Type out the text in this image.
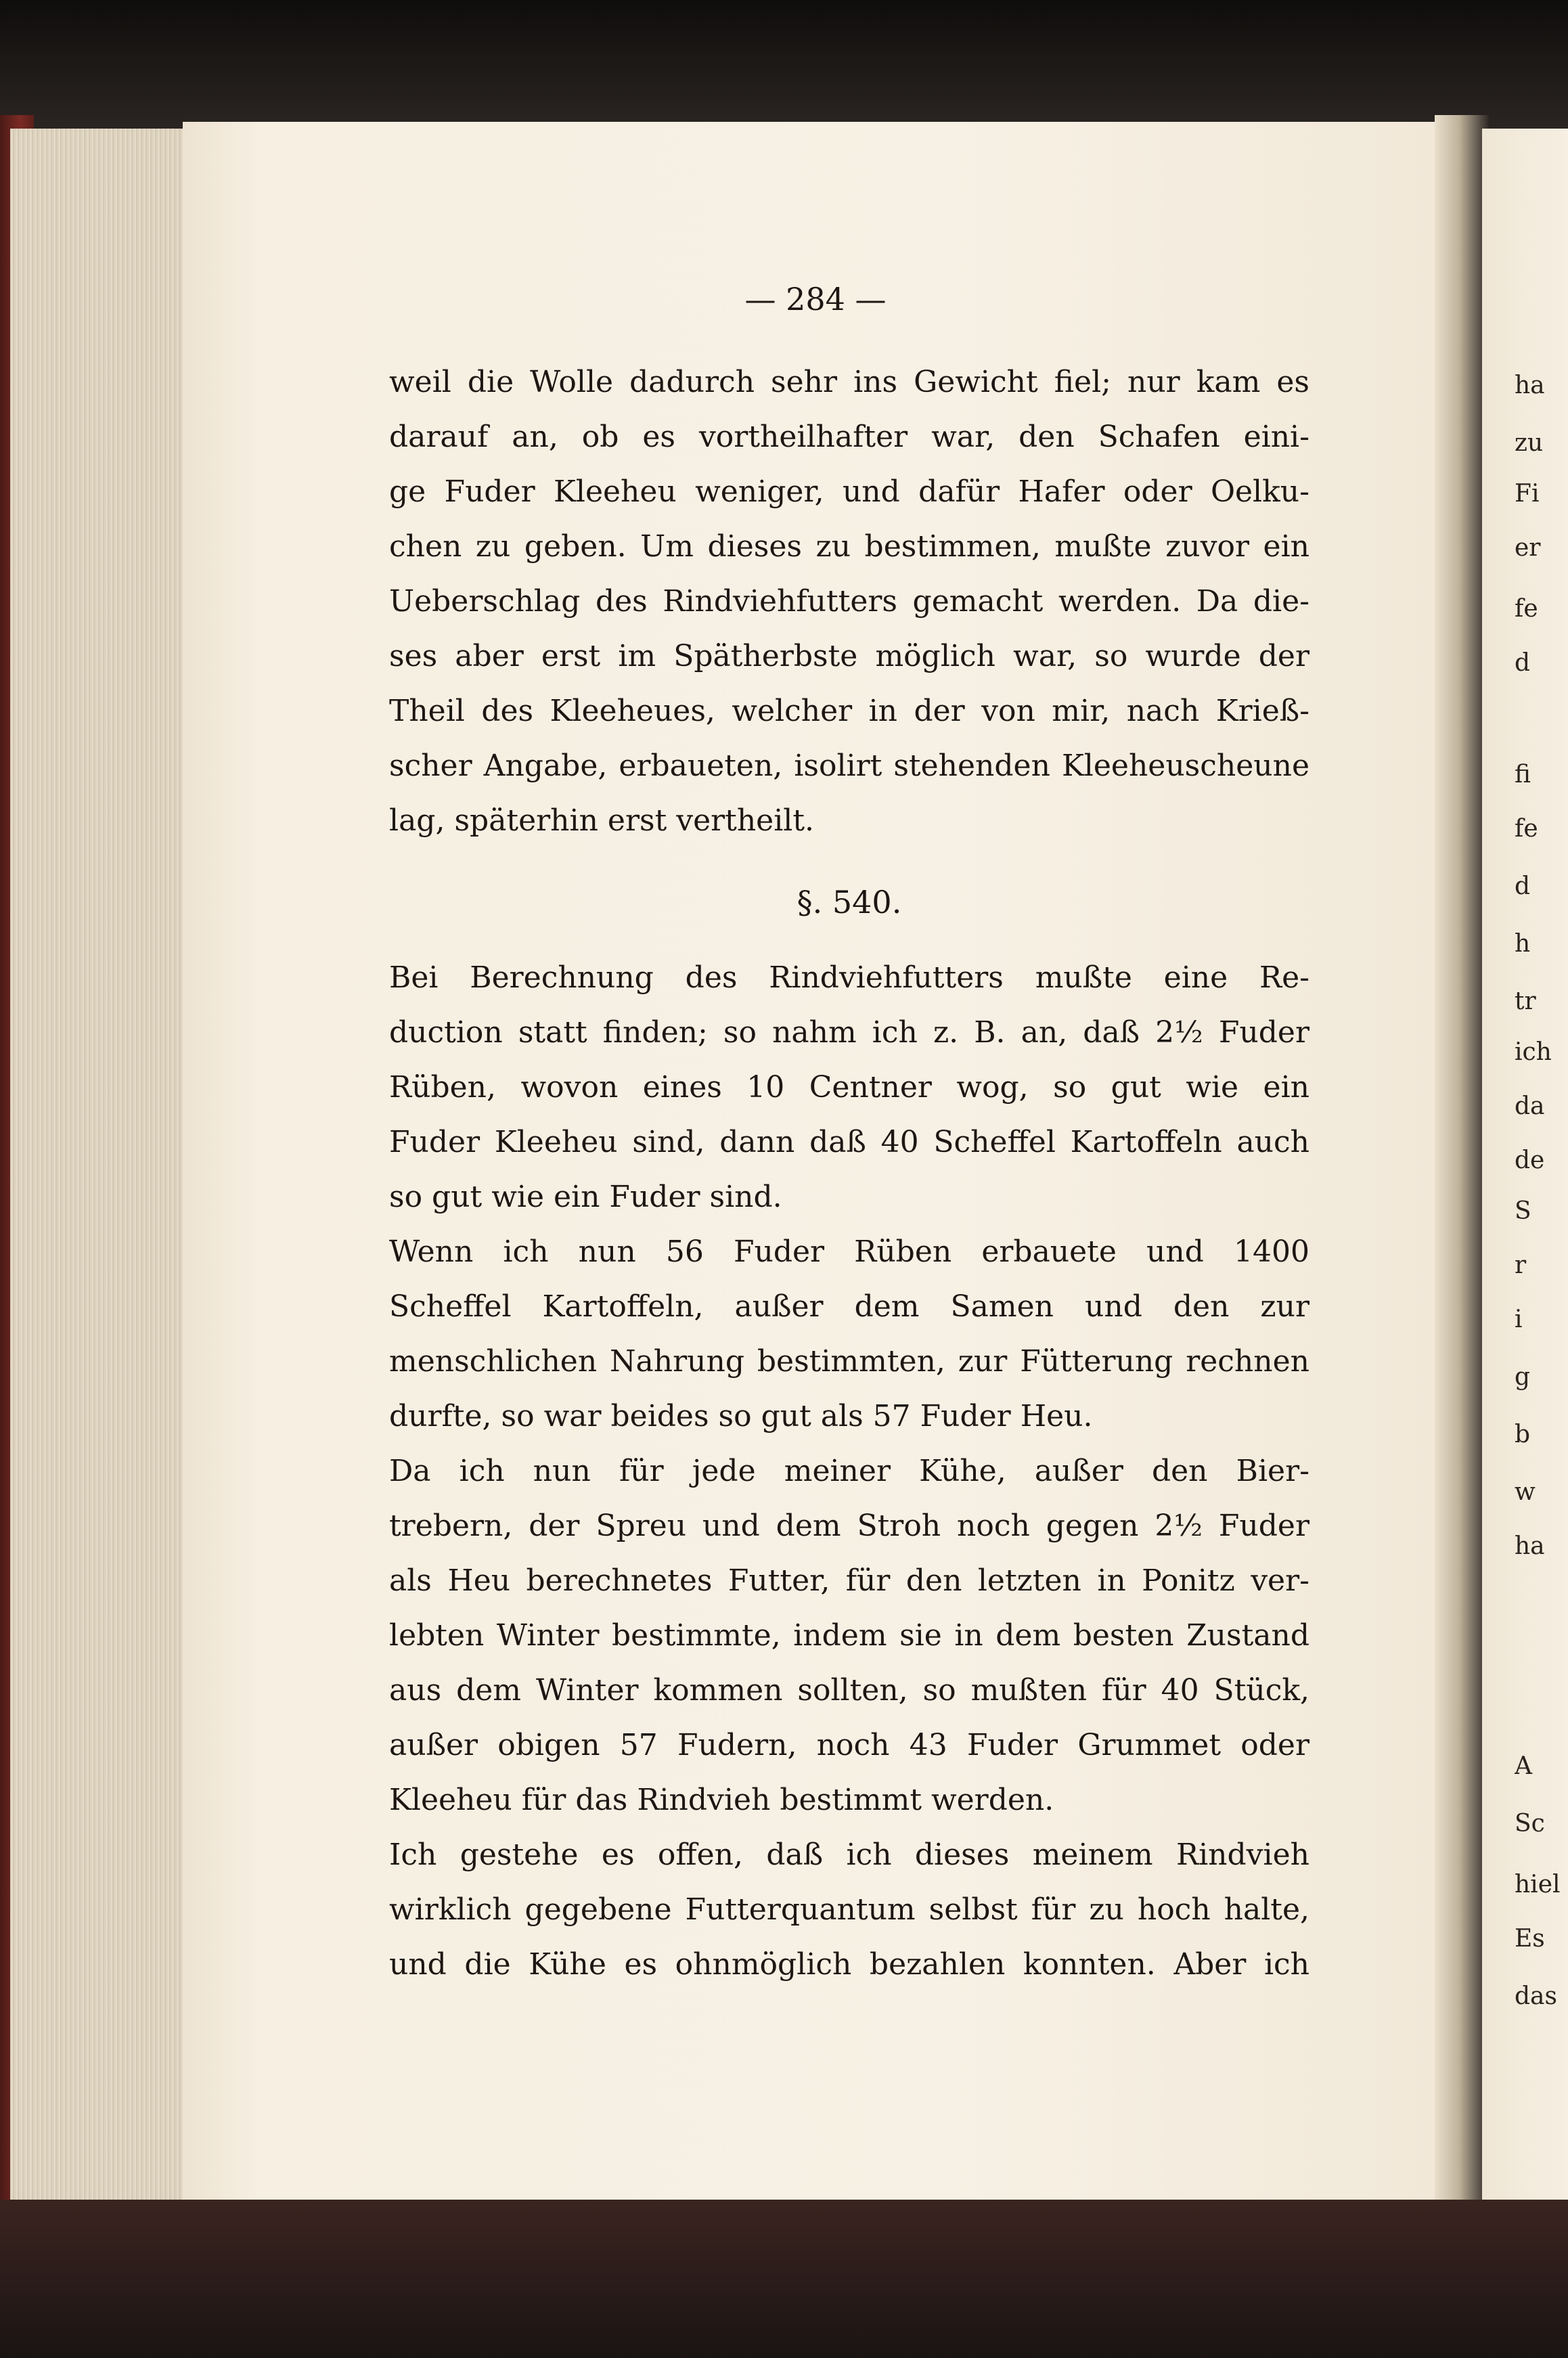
— 284 —
weil die Wolle dadurch sehr ins Gewicht fiel; nur kam es
darauf an, ob es vortheilhafter war, den Schafen eini-
ge Fuder Kleeheu weniger, und dafür Hafer oder Oelku-
chen zu geben. Um dieses zu bestimmen, mußte zuvor ein
Ueberschlag des Rindviehfutters gemacht werden. Da die-
ses aber erst im Spätherbste möglich war, so wurde der
Theil des Kleeheues, welcher in der von mir, nach Krieß-
scher Angabe, erbaueten, isolirt stehenden Kleeheuscheune
lag, späterhin erst vertheilt.
§. 540.
Bei Berechnung des Rindviehfutters mußte eine Re-
duction statt finden; so nahm ich z. B. an, daß 2½ Fuder
Rüben, wovon eines 10 Centner wog, so gut wie ein
Fuder Kleeheu sind, dann daß 40 Scheffel Kartoffeln auch
so gut wie ein Fuder sind.
Wenn ich nun 56 Fuder Rüben erbauete und 1400
Scheffel Kartoffeln, außer dem Samen und den zur
menschlichen Nahrung bestimmten, zur Fütterung rechnen
durfte, so war beides so gut als 57 Fuder Heu.
Da ich nun für jede meiner Kühe, außer den Bier-
trebern, der Spreu und dem Stroh noch gegen 2½ Fuder
als Heu berechnetes Futter, für den letzten in Ponitz ver-
lebten Winter bestimmte, indem sie in dem besten Zustand
aus dem Winter kommen sollten, so mußten für 40 Stück,
außer obigen 57 Fudern, noch 43 Fuder Grummet oder
Kleeheu für das Rindvieh bestimmt werden.
Ich gestehe es offen, daß ich dieses meinem Rindvieh
wirklich gegebene Futterquantum selbst für zu hoch halte,
und die Kühe es ohnmöglich bezahlen konnten. Aber ich
ha
zu
Fi
er
fe
d
fi
fe
d
h
tr
ich
da
de
S
r
i
g
b
w
ha
A
Sc
hiel
Es
das
